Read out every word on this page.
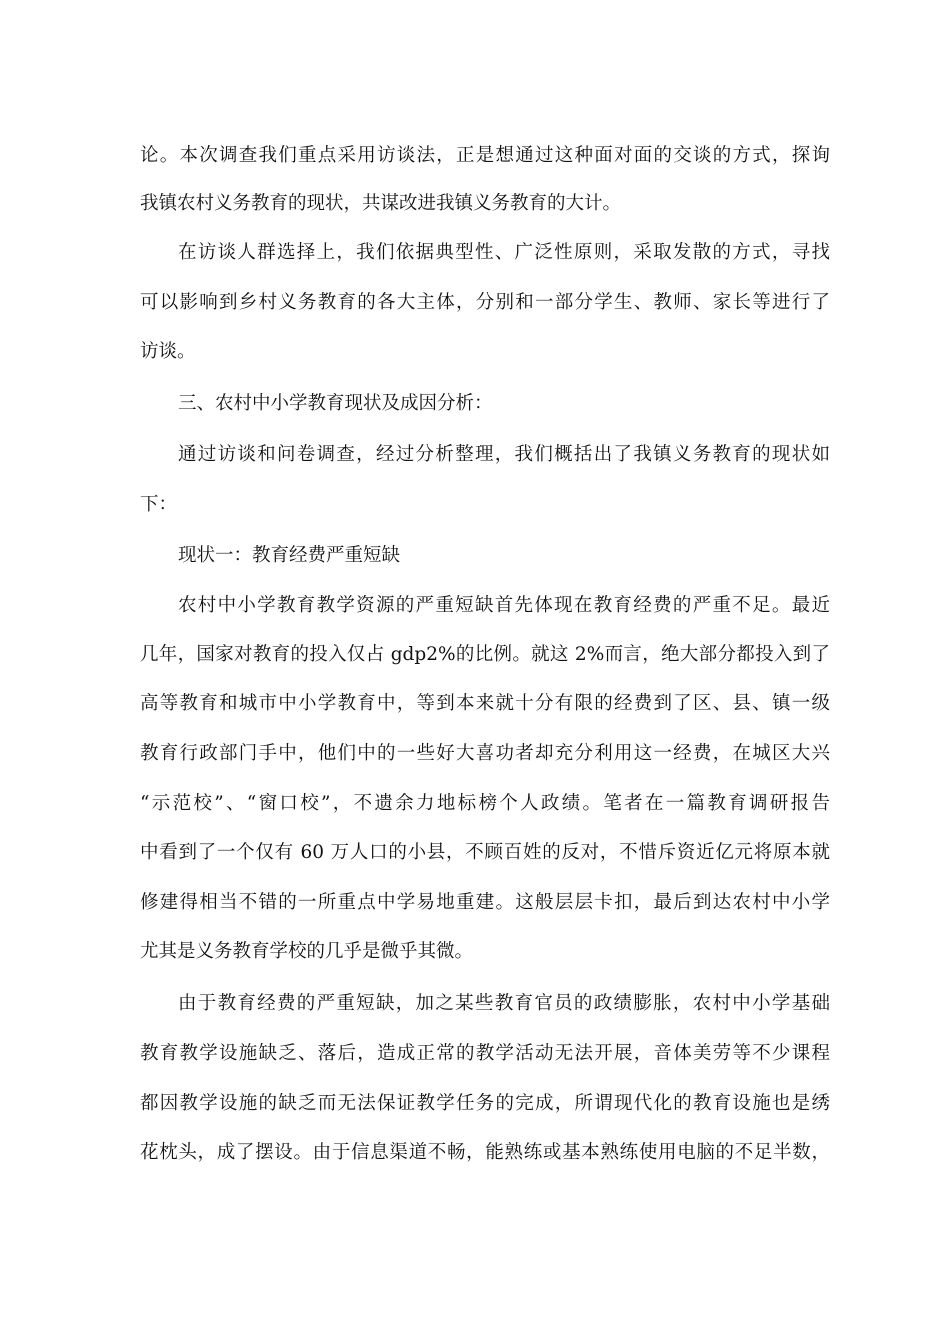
论。本次调查我们重点采用访谈法，正是想通过这种面对面的交谈的方式，探询
我镇农村义务教育的现状，共谋改进我镇义务教育的大计。
在访谈人群选择上，我们依据典型性、广泛性原则，采取发散的方式，寻找
可以影响到乡村义务教育的各大主体，分别和一部分学生、教师、家长等进行了
访谈。
三、农村中小学教育现状及成因分析：
通过访谈和问卷调查，经过分析整理，我们概括出了我镇义务教育的现状如
下：
现状一：教育经费严重短缺
农村中小学教育教学资源的严重短缺首先体现在教育经费的严重不足。最近
几年，国家对教育的投入仅占 gdp2%的比例。就这 2%而言，绝大部分都投入到了
高等教育和城市中小学教育中，等到本来就十分有限的经费到了区、县、镇一级
教育行政部门手中，他们中的一些好大喜功者却充分利用这一经费，在城区大兴
“示范校”、“窗口校”，不遗余力地标榜个人政绩。笔者在一篇教育调研报告
中看到了一个仅有 60 万人口的小县，不顾百姓的反对，不惜斥资近亿元将原本就
修建得相当不错的一所重点中学易地重建。这般层层卡扣，最后到达农村中小学
尤其是义务教育学校的几乎是微乎其微。
由于教育经费的严重短缺，加之某些教育官员的政绩膨胀，农村中小学基础
教育教学设施缺乏、落后，造成正常的教学活动无法开展，音体美劳等不少课程
都因教学设施的缺乏而无法保证教学任务的完成，所谓现代化的教育设施也是绣
花枕头，成了摆设。由于信息渠道不畅，能熟练或基本熟练使用电脑的不足半数，
